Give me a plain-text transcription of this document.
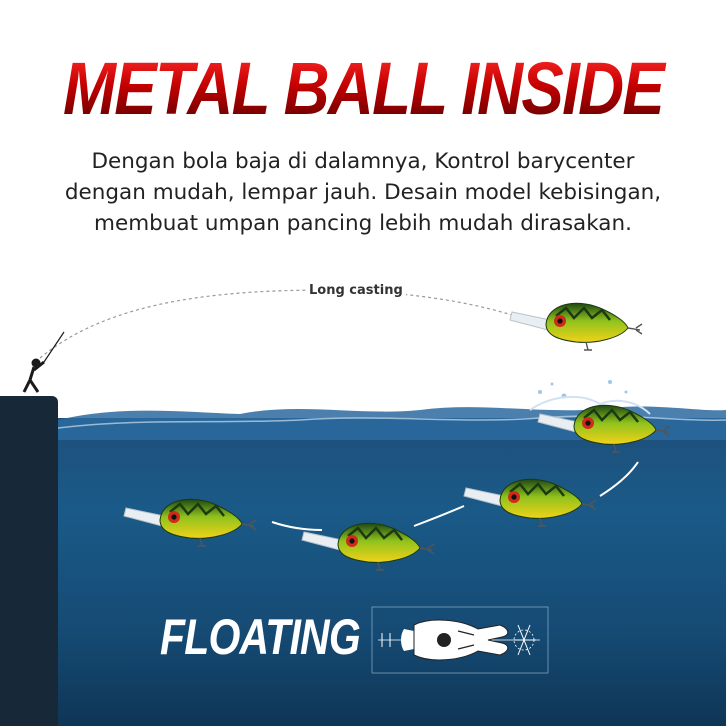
METAL BALL INSIDE
Dengan bola baja di dalamnya, Kontrol barycenter
dengan mudah, lempar jauh. Desain model kebisingan,
membuat umpan pancing lebih mudah dirasakan.
Long casting
FLOATING
